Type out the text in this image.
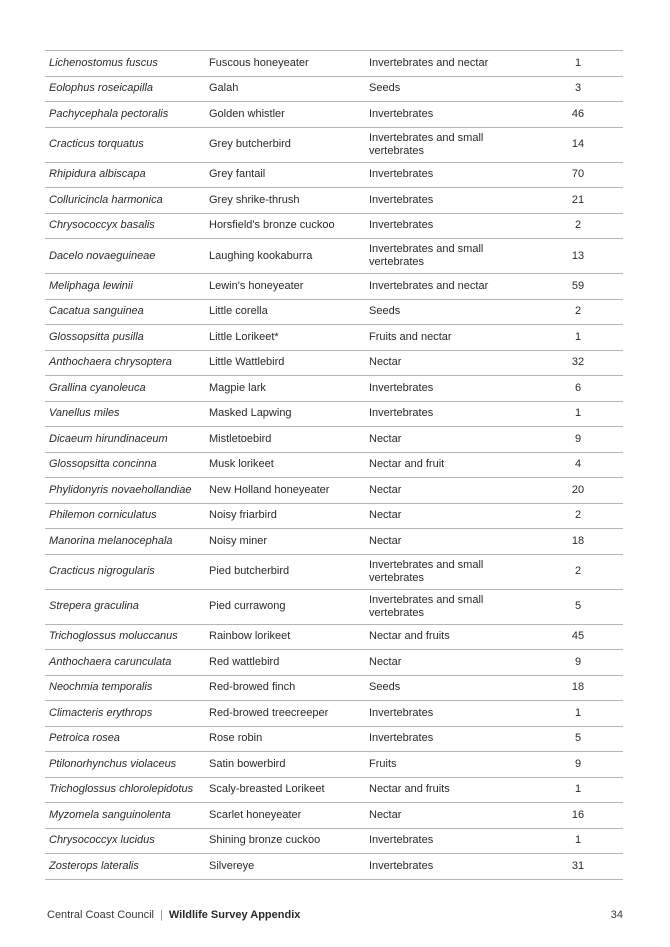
Lichenostomus fuscus	Fuscous honeyeater	Invertebrates and nectar	1
Eolophus roseicapilla	Galah	Seeds	3
Pachycephala pectoralis	Golden whistler	Invertebrates	46
Cracticus torquatus	Grey butcherbird	Invertebrates and small vertebrates	14
Rhipidura albiscapa	Grey fantail	Invertebrates	70
Colluricincla harmonica	Grey shrike-thrush	Invertebrates	21
Chrysococcyx basalis	Horsfield's bronze cuckoo	Invertebrates	2
Dacelo novaeguineae	Laughing kookaburra	Invertebrates and small vertebrates	13
Meliphaga lewinii	Lewin's honeyeater	Invertebrates and nectar	59
Cacatua sanguinea	Little corella	Seeds	2
Glossopsitta pusilla	Little Lorikeet*	Fruits and nectar	1
Anthochaera chrysoptera	Little Wattlebird	Nectar	32
Grallina cyanoleuca	Magpie lark	Invertebrates	6
Vanellus miles	Masked Lapwing	Invertebrates	1
Dicaeum hirundinaceum	Mistletoebird	Nectar	9
Glossopsitta concinna	Musk lorikeet	Nectar and fruit	4
Phylidonyris novaehollandiae	New Holland honeyeater	Nectar	20
Philemon corniculatus	Noisy friarbird	Nectar	2
Manorina melanocephala	Noisy miner	Nectar	18
Cracticus nigrogularis	Pied butcherbird	Invertebrates and small vertebrates	2
Strepera graculina	Pied currawong	Invertebrates and small vertebrates	5
Trichoglossus moluccanus	Rainbow lorikeet	Nectar and fruits	45
Anthochaera carunculata	Red wattlebird	Nectar	9
Neochmia temporalis	Red-browed finch	Seeds	18
Climacteris erythrops	Red-browed treecreeper	Invertebrates	1
Petroica rosea	Rose robin	Invertebrates	5
Ptilonorhynchus violaceus	Satin bowerbird	Fruits	9
Trichoglossus chlorolepidotus	Scaly-breasted Lorikeet	Nectar and fruits	1
Myzomela sanguinolenta	Scarlet honeyeater	Nectar	16
Chrysococcyx lucidus	Shining bronze cuckoo	Invertebrates	1
Zosterops lateralis	Silvereye	Invertebrates	31
Central Coast Council | Wildlife Survey Appendix	34
